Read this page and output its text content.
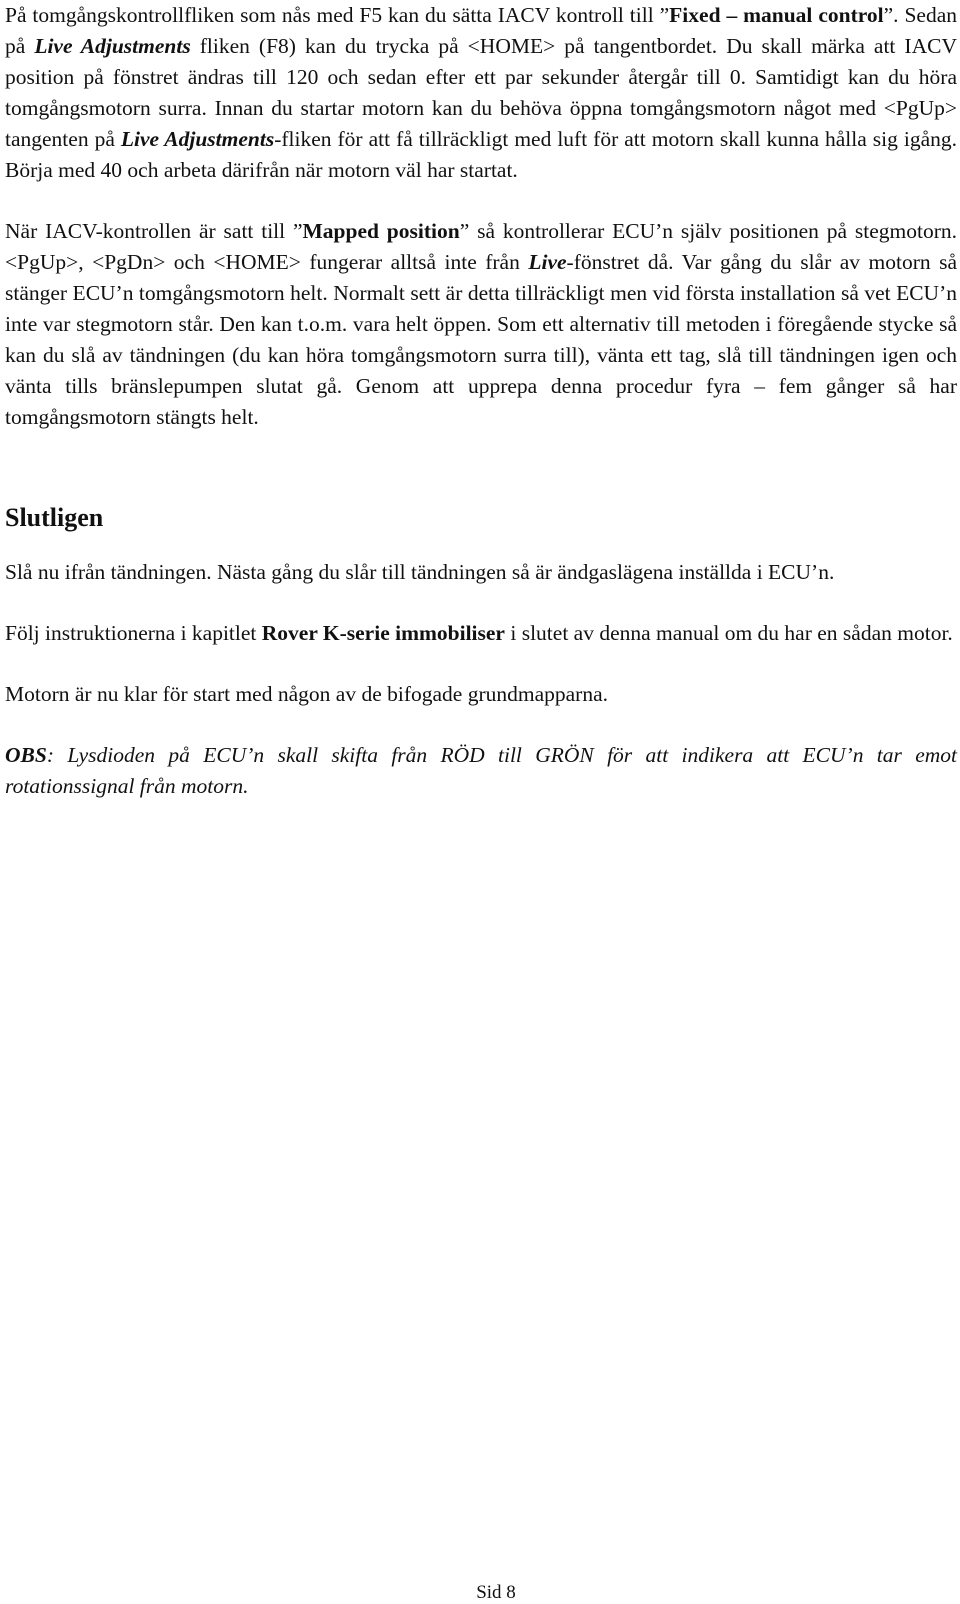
På tomgångskontrollfliken som nås med F5 kan du sätta IACV kontroll till ”Fixed – manual control”. Sedan på Live Adjustments fliken (F8) kan du trycka på <HOME> på tangentbordet. Du skall märka att IACV position på fönstret ändras till 120 och sedan efter ett par sekunder återgår till 0. Samtidigt kan du höra tomgångsmotorn surra. Innan du startar motorn kan du behöva öppna tomgångsmotorn något med <PgUp> tangenten på Live Adjustments-fliken för att få tillräckligt med luft för att motorn skall kunna hålla sig igång. Börja med 40 och arbeta därifrån när motorn väl har startat.

När IACV-kontrollen är satt till ”Mapped position” så kontrollerar ECU’n själv positionen på stegmotorn. <PgUp>, <PgDn> och <HOME> fungerar alltså inte från Live-fönstret då. Var gång du slår av motorn så stänger ECU’n tomgångsmotorn helt. Normalt sett är detta tillräckligt men vid första installation så vet ECU’n inte var stegmotorn står. Den kan t.o.m. vara helt öppen. Som ett alternativ till metoden i föregående stycke så kan du slå av tändningen (du kan höra tomgångsmotorn surra till), vänta ett tag, slå till tändningen igen och vänta tills bränslepumpen slutat gå. Genom att upprepa denna procedur fyra – fem gånger så har tomgångsmotorn stängts helt.

Slutligen

Slå nu ifrån tändningen. Nästa gång du slår till tändningen så är ändgaslägena inställda i ECU’n.

Följ instruktionerna i kapitlet Rover K-serie immobiliser i slutet av denna manual om du har en sådan motor.

Motorn är nu klar för start med någon av de bifogade grundmapparna.

OBS: Lysdioden på ECU’n skall skifta från RÖD till GRÖN för att indikera att ECU’n tar emot rotationssignal från motorn.

Sid 8
